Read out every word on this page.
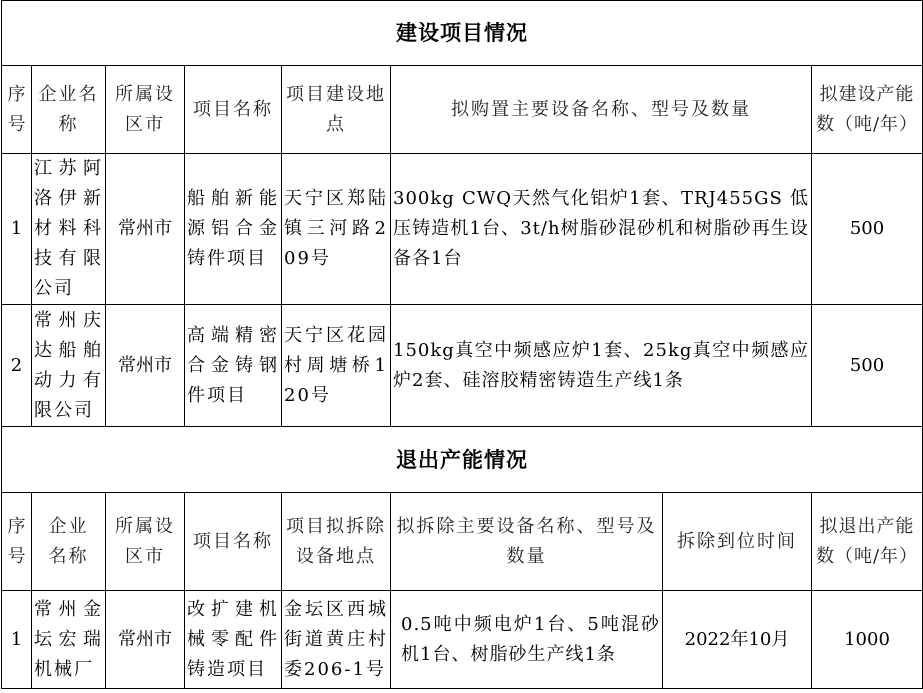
建设项目情况							
序号	企业名称	所属设区市	项目名称	项目建设地点	拟购置主要设备名称、型号及数量		拟建设产能数（吨/年）
1	江苏阿洛伊新材料科技有限公司	常州市	船舶新能源铝合金铸件项目	天宁区郑陆镇三河路209号	300kg CWQ天然气化铝炉1套、TRJ455GS 低压铸造机1台、3t/h树脂砂混砂机和树脂砂再生设备各1台		500
2	常州庆达船舶动力有限公司	常州市	高端精密合金铸钢件项目	天宁区花园村周塘桥120号	150kg真空中频感应炉1套、25kg真空中频感应炉2套、硅溶胶精密铸造生产线1条		500
退出产能情况							
序号	企业名称	所属设区市	项目名称	项目拟拆除设备地点	拟拆除主要设备名称、型号及数量	拆除到位时间	拟退出产能数（吨/年）
1	常州金坛宏瑞机械厂	常州市	改扩建机械零配件铸造项目	金坛区西城街道黄庄村委206-1号	0.5吨中频电炉1台、5吨混砂机1台、树脂砂生产线1条	2022年10月	1000
